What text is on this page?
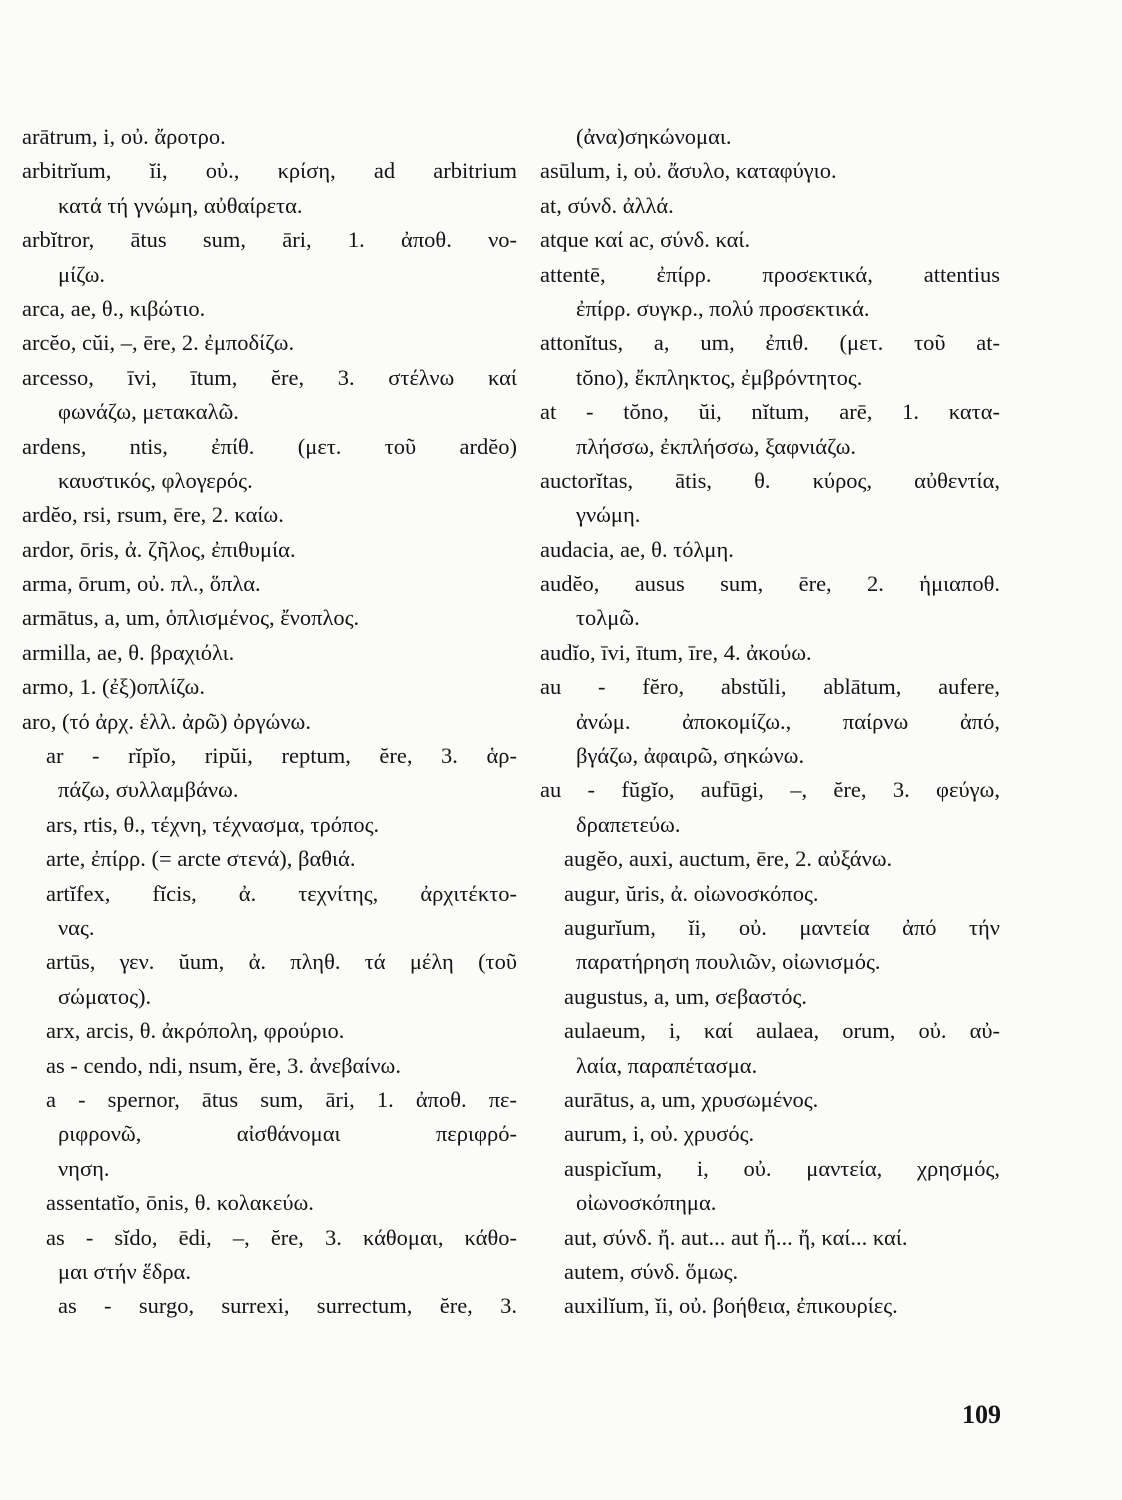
arātrum, i, οὐ. ἄροτρο.
arbitrĭum, ĭi, οὐ., κρίση, ad arbitrium
κατά τή γνώμη, αὐθαίρετα.
arbĭtror, ātus sum, āri, 1. ἀποθ. νο-
μίζω.
arca, ae, θ., κιβώτιο.
arcĕo, cŭi, –, ēre, 2. ἐμποδίζω.
arcesso, īvi, ītum, ĕre, 3. στέλνω καί
φωνάζω, μετακαλῶ.
ardens, ntis, ἐπίθ. (μετ. τοῦ ardĕo)
καυστικός, φλογερός.
ardĕo, rsi, rsum, ēre, 2. καίω.
ardor, ōris, ἀ. ζῆλος, ἐπιθυμία.
arma, ōrum, οὐ. πλ., ὅπλα.
armātus, a, um, ὁπλισμένος, ἔνοπλος.
armilla, ae, θ. βραχιόλι.
armo, 1. (ἐξ)οπλίζω.
aro, (τό ἀρχ. ἑλλ. ἀρῶ) ὀργώνω.
ar - rĭpĭo, ripŭi, reptum, ĕre, 3. ἁρ-
πάζω, συλλαμβάνω.
ars, rtis, θ., τέχνη, τέχνασμα, τρόπος.
arte, ἐπίρρ. (= arcte στενά), βαθιά.
artĭfex, fĭcis, ἀ. τεχνίτης, ἀρχιτέκτο-
νας.
artūs, γεν. ŭum, ἀ. πληθ. τά μέλη (τοῦ
σώματος).
arx, arcis, θ. ἀκρόπολη, φρούριο.
as - cendo, ndi, nsum, ĕre, 3. ἀνεβαίνω.
a - spernor, ātus sum, āri, 1. ἀποθ. πε-
ριφρονῶ, αἰσθάνομαι περιφρό-
νηση.
assentatĭo, ōnis, θ. κολακεύω.
as - sĭdo, ēdi, –, ĕre, 3. κάθομαι, κάθο-
μαι στήν ἕδρα.
as - surgo, surrexi, surrectum, ĕre, 3.
(ἀνα)σηκώνομαι.
asūlum, i, οὐ. ἄσυλο, καταφύγιο.
at, σύνδ. ἀλλά.
atque καί ac, σύνδ. καί.
attentē, ἐπίρρ. προσεκτικά, attentius
ἐπίρρ. συγκρ., πολύ προσεκτικά.
attonĭtus, a, um, ἐπιθ. (μετ. τοῦ at-
tŏno), ἔκπληκτος, ἐμβρόντητος.
at - tŏno, ŭi, nĭtum, arē, 1. κατα-
πλήσσω, ἐκπλήσσω, ξαφνιάζω.
auctorĭtas, ātis, θ. κύρος, αὐθεντία,
γνώμη.
audacia, ae, θ. τόλμη.
audĕo, ausus sum, ēre, 2. ἡμιαποθ.
τολμῶ.
audĭo, īvi, ītum, īre, 4. ἀκούω.
au - fĕro, abstŭli, ablātum, aufere,
ἀνώμ. ἀποκομίζω., παίρνω ἀπό,
βγάζω, ἀφαιρῶ, σηκώνω.
au - fŭgĭo, aufūgi, –, ĕre, 3. φεύγω,
δραπετεύω.
augĕo, auxi, auctum, ēre, 2. αὐξάνω.
augur, ŭris, ἀ. οἰωνοσκόπος.
augurĭum, ĭi, οὐ. μαντεία ἀπό τήν
παρατήρηση πουλιῶν, οἰωνισμός.
augustus, a, um, σεβαστός.
aulaeum, i, καί aulaea, orum, οὐ. αὐ-
λαία, παραπέτασμα.
aurātus, a, um, χρυσωμένος.
aurum, i, οὐ. χρυσός.
auspicĭum, i, οὐ. μαντεία, χρησμός,
οἰωνοσκόπημα.
aut, σύνδ. ἤ. aut... aut ἤ... ἤ, καί... καί.
autem, σύνδ. ὅμως.
auxilĭum, ĭi, οὐ. βοήθεια, ἐπικουρίες.
109
